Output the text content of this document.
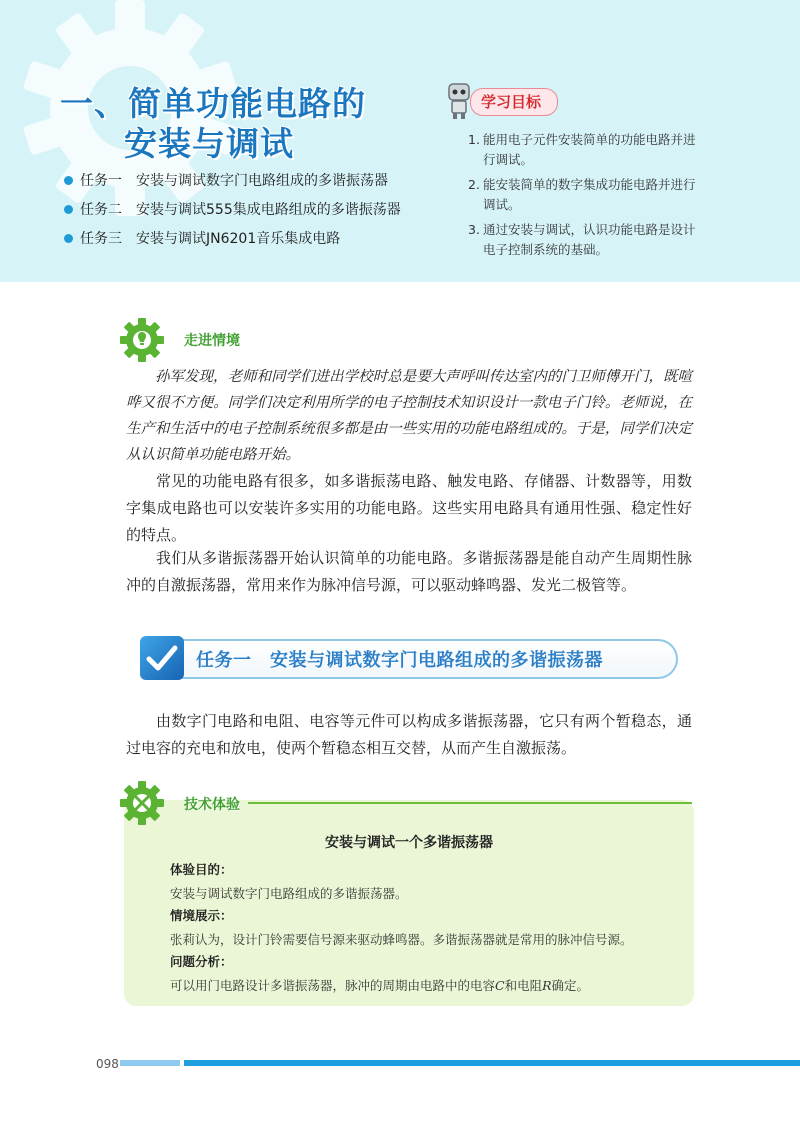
一、简单功能电路的
安装与调试
任务一 安装与调试数字门电路组成的多谐振荡器
任务二 安装与调试555集成电路组成的多谐振荡器
任务三 安装与调试JN6201音乐集成电路
学习目标
1. 能用电子元件安装简单的功能电路并进行调试。
2. 能安装简单的数字集成功能电路并进行调试。
3. 通过安装与调试，认识功能电路是设计电子控制系统的基础。
走进情境

孙军发现，老师和同学们进出学校时总是要大声呼叫传达室内的门卫师傅开门，既喧哗又很不方便。同学们决定利用所学的电子控制技术知识设计一款电子门铃。老师说，在生产和生活中的电子控制系统很多都是由一些实用的功能电路组成的。于是，同学们决定从认识简单功能电路开始。

常见的功能电路有很多，如多谐振荡电路、触发电路、存储器、计数器等，用数字集成电路也可以安装许多实用的功能电路。这些实用电路具有通用性强、稳定性好的特点。

我们从多谐振荡器开始认识简单的功能电路。多谐振荡器是能自动产生周期性脉冲的自激振荡器，常用来作为脉冲信号源，可以驱动蜂鸣器、发光二极管等。

任务一　安装与调试数字门电路组成的多谐振荡器

由数字门电路和电阻、电容等元件可以构成多谐振荡器，它只有两个暂稳态，通过电容的充电和放电，使两个暂稳态相互交替，从而产生自激振荡。

技术体验
安装与调试一个多谐振荡器
体验目的：
安装与调试数字门电路组成的多谐振荡器。
情境展示：
张莉认为，设计门铃需要信号源来驱动蜂鸣器。多谐振荡器就是常用的脉冲信号源。
问题分析：
可以用门电路设计多谐振荡器，脉冲的周期由电路中的电容C和电阻R确定。
098
